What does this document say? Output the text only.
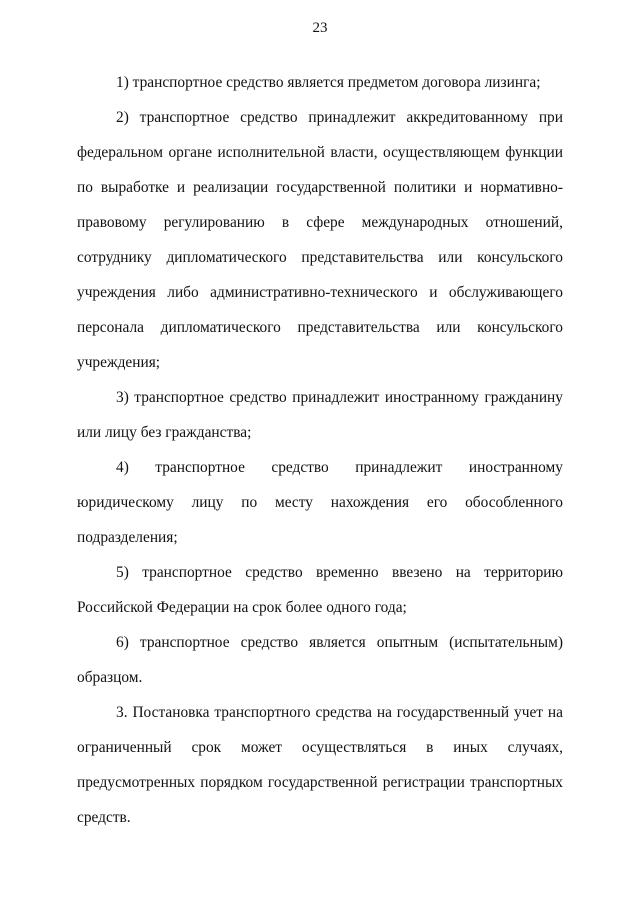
23

1) транспортное средство является предметом договора лизинга;

2) транспортное средство принадлежит аккредитованному при федеральном органе исполнительной власти, осуществляющем функции по выработке и реализации государственной политики и нормативно-правовому регулированию в сфере международных отношений, сотруднику дипломатического представительства или консульского учреждения либо административно-технического и обслуживающего персонала дипломатического представительства или консульского учреждения;

3) транспортное средство принадлежит иностранному гражданину или лицу без гражданства;

4) транспортное средство принадлежит иностранному юридическому лицу по месту нахождения его обособленного подразделения;

5) транспортное средство временно ввезено на территорию Российской Федерации на срок более одного года;

6) транспортное средство является опытным (испытательным) образцом.

3. Постановка транспортного средства на государственный учет на ограниченный срок может осуществляться в иных случаях, предусмотренных порядком государственной регистрации транспортных средств.
